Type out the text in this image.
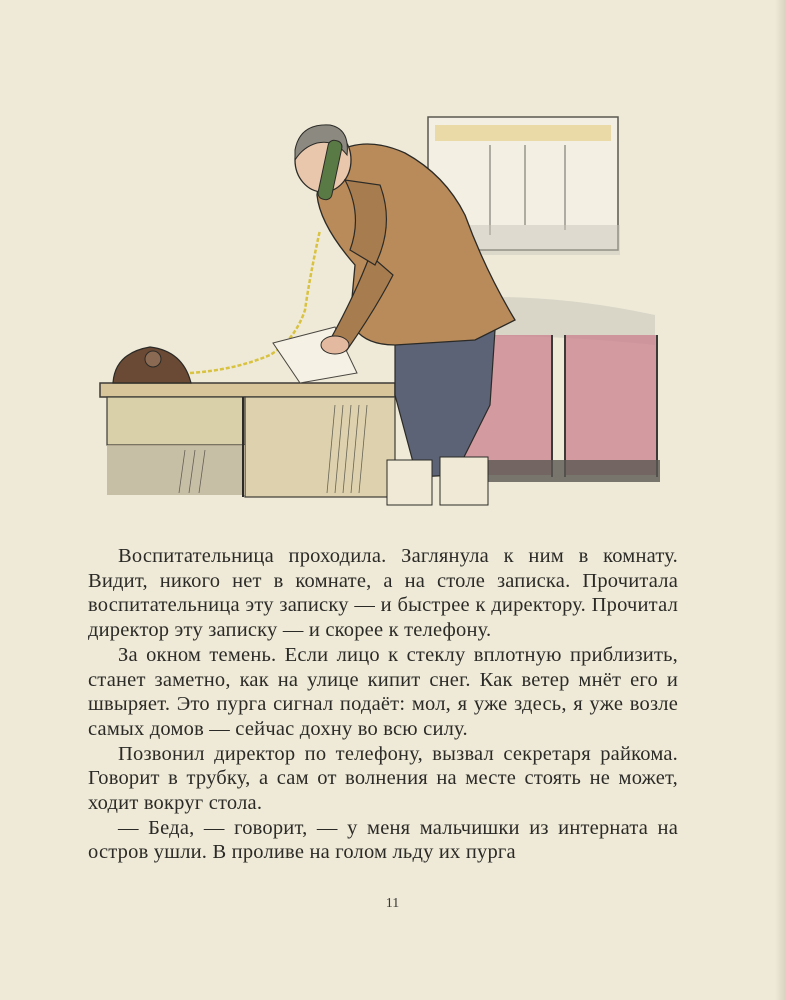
Воспитательница проходила. Заглянула к ним в комнату. Видит, никого нет в комнате, а на столе записка. Прочитала воспитательница эту записку — и быстрее к директору. Прочитал директор эту записку — и скорее к телефону.

За окном темень. Если лицо к стеклу вплотную приблизить, станет заметно, как на улице кипит снег. Как ветер мнёт его и швыряет. Это пурга сигнал подаёт: мол, я уже здесь, я уже возле самых домов — сейчас дохну во всю силу.

Позвонил директор по телефону, вызвал секретаря райкома. Говорит в трубку, а сам от волнения на месте стоять не может, ходит вокруг стола.

— Беда, — говорит, — у меня мальчишки из интерната на остров ушли. В проливе на голом льду их пурга

11
